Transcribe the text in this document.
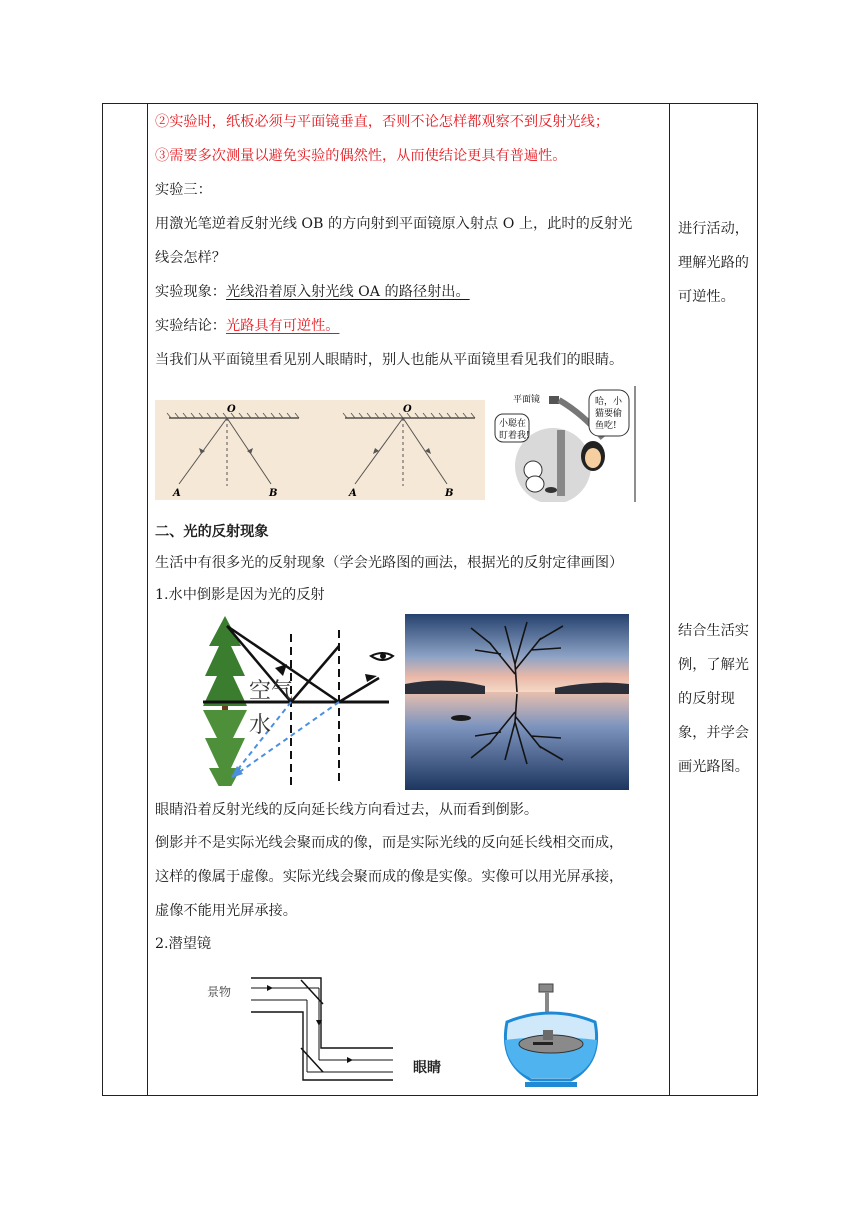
②实验时，纸板必须与平面镜垂直，否则不论怎样都观察不到反射光线；
③需要多次测量以避免实验的偶然性，从而使结论更具有普遍性。
实验三：
用激光笔逆着反射光线 OB 的方向射到平面镜原入射点 O 上，此时的反射光
线会怎样？
实验现象：光线沿着原入射光线 OA 的路径射出。
实验结论：光路具有可逆性。
当我们从平面镜里看见别人眼睛时，别人也能从平面镜里看见我们的眼睛。
O
A	B
O
A	B
平面镜
小聪在
盯着我!
哈，小
猫要偷
鱼吃!
二、光的反射现象
生活中有很多光的反射现象（学会光路图的画法，根据光的反射定律画图）
1.水中倒影是因为光的反射
空气
水
眼睛沿着反射光线的反向延长线方向看过去，从而看到倒影。
倒影并不是实际光线会聚而成的像，而是实际光线的反向延长线相交而成，
这样的像属于虚像。实际光线会聚而成的像是实像。实像可以用光屏承接，
虚像不能用光屏承接。
2.潜望镜
景物
眼睛
进行活动，
理解光路的
可逆性。
结合生活实
例，了解光
的反射现
象，并学会
画光路图。
